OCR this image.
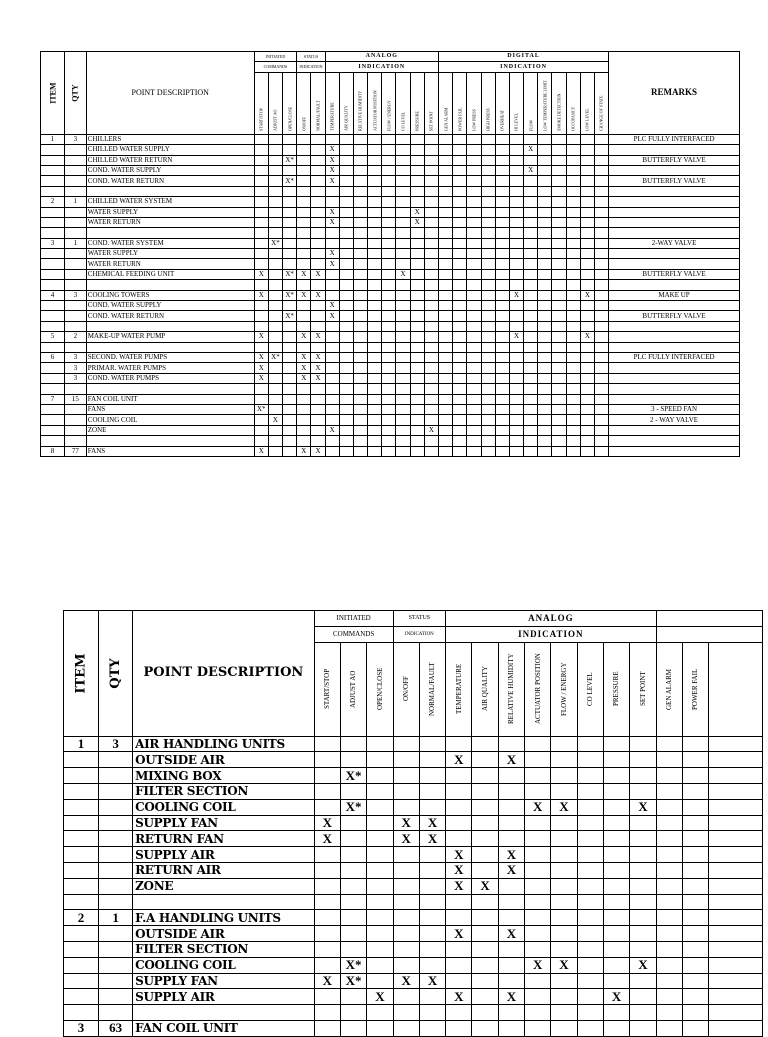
ITEM	QTY	POINT DESCRIPTION	INITIATED			STATUS		ANALOG								DIGITAL												REMARKS
			COMMANDS			INDICATION		INDICATION								INDICATION												
			START/STOP	ADJUST AO	OPEN/CLOSE	ON/OFF	NORMAL/FAULT	TEMPERATURE	AIR QUALITY	RELATIVE HUMIDITY	ACTUATOR POSITION	FLOW / ENERGY	CO LEVEL	PRESSURE	SET POINT	GEN ALARM	POWER FAIL	LOW PRESS	HIGH PRESS	OVERHEAT	HI LEVEL	FLOW	LOW TEMPERATURE LIMIT	SMOKE DETECTION	OCCUPANCY	LOW LEVEL	CHANGE OF STATE	
1	3	CHILLERS																										PLC FULLY INTERFACED
		CHILLED WATER SUPPLY						X														X						
		CHILLED WATER RETURN			X*			X																				BUTTERFLY VALVE
		COND. WATER SUPPLY						X														X						
		COND. WATER RETURN			X*			X																				BUTTERFLY VALVE

2	1	CHILLED WATER SYSTEM																										
		WATER SUPPLY						X						X														
		WATER RETURN						X						X														

3	1	COND. WATER SYSTEM		X*																								2-WAY VALVE
		WATER SUPPLY						X																				
		WATER RETURN						X																				
		CHEMICAL FEEDING UNIT	X		X*	X	X						X															BUTTERFLY VALVE

4	3	COOLING TOWERS	X		X*	X	X														X					X		MAKE UP
		COND. WATER SUPPLY						X																				
		COND. WATER RETURN			X*			X																				BUTTERFLY VALVE

5	2	MAKE-UP WATER PUMP	X			X	X														X					X		

6	3	SECOND. WATER PUMPS	X	X*		X	X																					PLC FULLY INTERFACED
	3	PRIMAR. WATER PUMPS	X			X	X																					
	3	COND. WATER PUMPS	X			X	X																					

7	15	FAN COIL UNIT																										
		FANS	X*																									3 - SPEED FAN
		COOLING COIL		X																								2 - WAY VALVE
		ZONE						X							X													

8	77	FANS	X			X	X																					
ITEM	QTY	POINT DESCRIPTION	INITIATED			STATUS		ANALOG										
			COMMANDS			INDICATION		INDICATION										
			START/STOP	ADJUST AO	OPEN/CLOSE	ON/OFF	NORMAL/FAULT	TEMPERATURE	AIR QUALITY	RELATIVE HUMIDITY	ACTUATOR POSITION	FLOW / ENERGY	CO LEVEL	PRESSURE	SET POINT	GEN ALARM	POWER FAIL	
1	3	AIR HANDLING UNITS																
		OUTSIDE AIR						X		X								
		MIXING BOX		X*														
		FILTER SECTION																
		COOLING COIL		X*							X	X			X			
		SUPPLY FAN	X			X	X											
		RETURN FAN	X			X	X											
		SUPPLY AIR						X		X								
		RETURN AIR						X		X								
		ZONE						X	X									

2	1	F.A HANDLING UNITS																
		OUTSIDE AIR						X		X								
		FILTER SECTION																
		COOLING COIL		X*							X	X			X			
		SUPPLY FAN	X	X*		X	X											
		SUPPLY AIR			X			X		X				X				

3	63	FAN COIL UNIT																
